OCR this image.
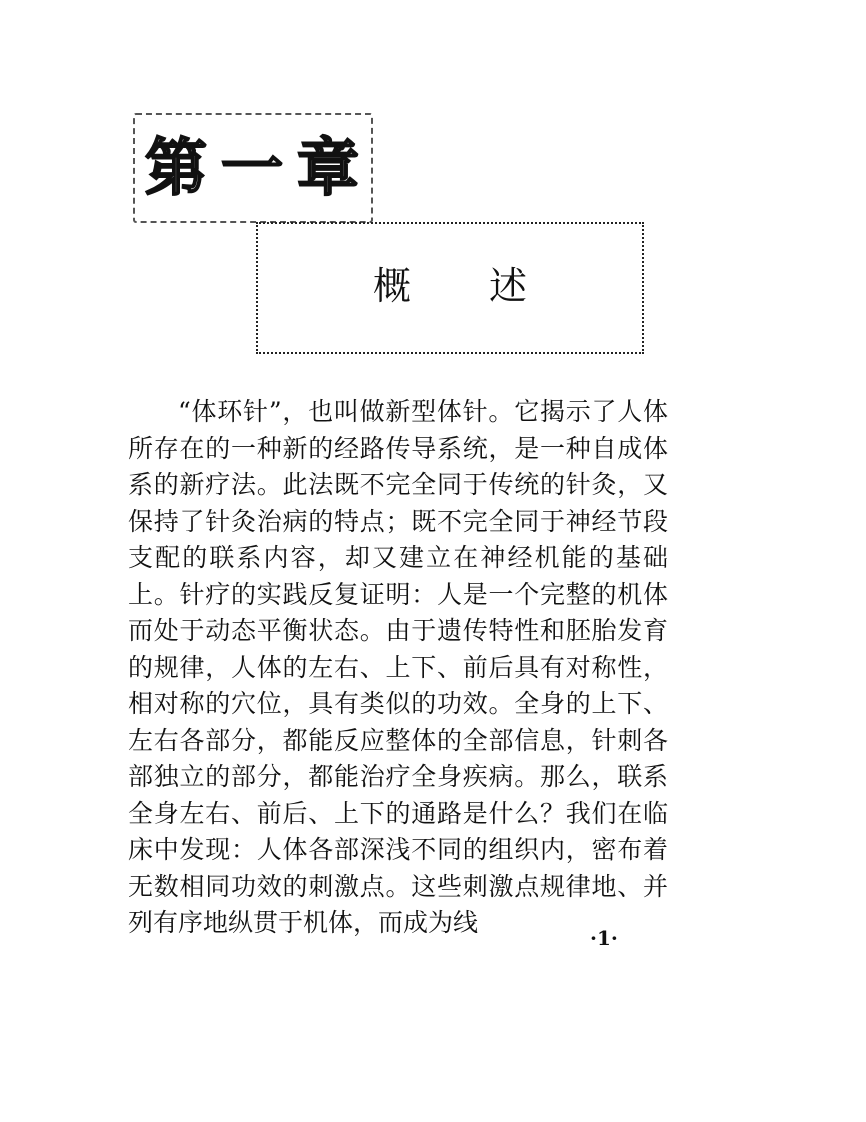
第一章
概述

“体环针”，也叫做新型体针。它揭示了人体所存在的一种新的经路传导系统，是一种自成体系的新疗法。此法既不完全同于传统的针灸，又保持了针灸治病的特点；既不完全同于神经节段支配的联系内容，却又建立在神经机能的基础上。针疗的实践反复证明：人是一个完整的机体而处于动态平衡状态。由于遗传特性和胚胎发育的规律，人体的左右、上下、前后具有对称性，相对称的穴位，具有类似的功效。全身的上下、左右各部分，都能反应整体的全部信息，针刺各部独立的部分，都能治疗全身疾病。那么，联系全身左右、前后、上下的通路是什么？我们在临床中发现：人体各部深浅不同的组织内，密布着无数相同功效的刺激点。这些刺激点规律地、并列有序地纵贯于机体，而成为线

·1·
